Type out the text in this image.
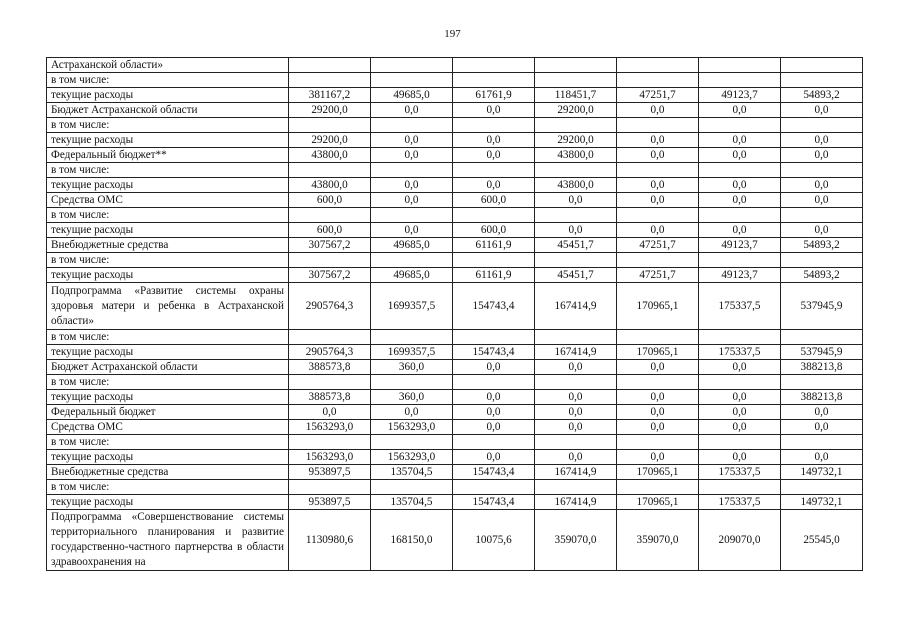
197
Астраханской области»							
в том числе:							
текущие расходы	381167,2	49685,0	61761,9	118451,7	47251,7	49123,7	54893,2
Бюджет Астраханской области	29200,0	0,0	0,0	29200,0	0,0	0,0	0,0
в том числе:							
текущие расходы	29200,0	0,0	0,0	29200,0	0,0	0,0	0,0
Федеральный бюджет**	43800,0	0,0	0,0	43800,0	0,0	0,0	0,0
в том числе:							
текущие расходы	43800,0	0,0	0,0	43800,0	0,0	0,0	0,0
Средства ОМС	600,0	0,0	600,0	0,0	0,0	0,0	0,0
в том числе:							
текущие расходы	600,0	0,0	600,0	0,0	0,0	0,0	0,0
Внебюджетные средства	307567,2	49685,0	61161,9	45451,7	47251,7	49123,7	54893,2
в том числе:							
текущие расходы	307567,2	49685,0	61161,9	45451,7	47251,7	49123,7	54893,2
Подпрограмма «Развитие системы охраны здоровья матери и ребенка в Астраханской области»	2905764,3	1699357,5	154743,4	167414,9	170965,1	175337,5	537945,9
в том числе:							
текущие расходы	2905764,3	1699357,5	154743,4	167414,9	170965,1	175337,5	537945,9
Бюджет Астраханской области	388573,8	360,0	0,0	0,0	0,0	0,0	388213,8
в том числе:							
текущие расходы	388573,8	360,0	0,0	0,0	0,0	0,0	388213,8
Федеральный бюджет	0,0	0,0	0,0	0,0	0,0	0,0	0,0
Средства ОМС	1563293,0	1563293,0	0,0	0,0	0,0	0,0	0,0
в том числе:							
текущие расходы	1563293,0	1563293,0	0,0	0,0	0,0	0,0	0,0
Внебюджетные средства	953897,5	135704,5	154743,4	167414,9	170965,1	175337,5	149732,1
в том числе:							
текущие расходы	953897,5	135704,5	154743,4	167414,9	170965,1	175337,5	149732,1
Подпрограмма «Совершенствование системы территориального планирования и развитие государственно-частного партнерства в области здравоохранения на	1130980,6	168150,0	10075,6	359070,0	359070,0	209070,0	25545,0
